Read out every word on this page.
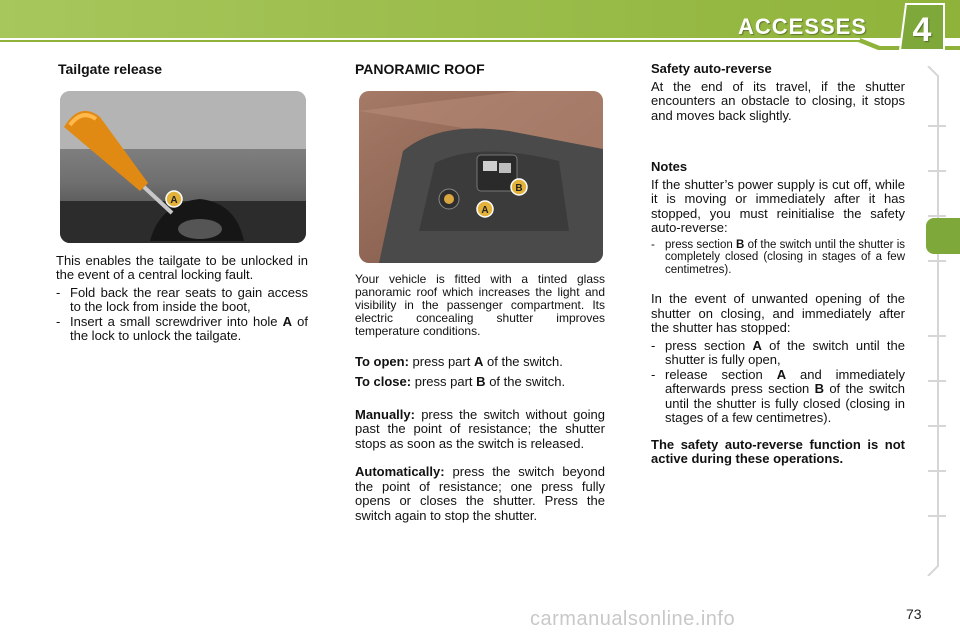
ACCESSES	4

Tailgate release

A

This enables the tailgate to be unlocked in the event of a central locking fault.

- Fold back the rear seats to gain access to the lock from inside the boot,
- Insert a small screwdriver into hole A of the lock to unlock the tailgate.

PANORAMIC ROOF

A
B

Your vehicle is fitted with a tinted glass panoramic roof which increases the light and visibility in the passenger compartment. Its electric concealing shutter improves temperature conditions.

To open: press part A of the switch.

To close: press part B of the switch.

Manually: press the switch without going past the point of resistance; the shutter stops as soon as the switch is released.

Automatically: press the switch beyond the point of resistance; one press fully opens or closes the shutter. Press the switch again to stop the shutter.

Safety auto-reverse

At the end of its travel, if the shutter encounters an obstacle to closing, it stops and moves back slightly.

Notes

If the shutter’s power supply is cut off, while it is moving or immediately after it has stopped, you must reinitialise the safety auto-reverse:

- press section B of the switch until the shutter is completely closed (closing in stages of a few centimetres).

In the event of unwanted opening of the shutter on closing, and immediately after the shutter has stopped:

- press section A of the switch until the shutter is fully open,
- release section A and immediately afterwards press section B of the switch until the shutter is fully closed (closing in stages of a few centimetres).

The safety auto-reverse function is not active during these operations.

carmanualsonline.info	73
